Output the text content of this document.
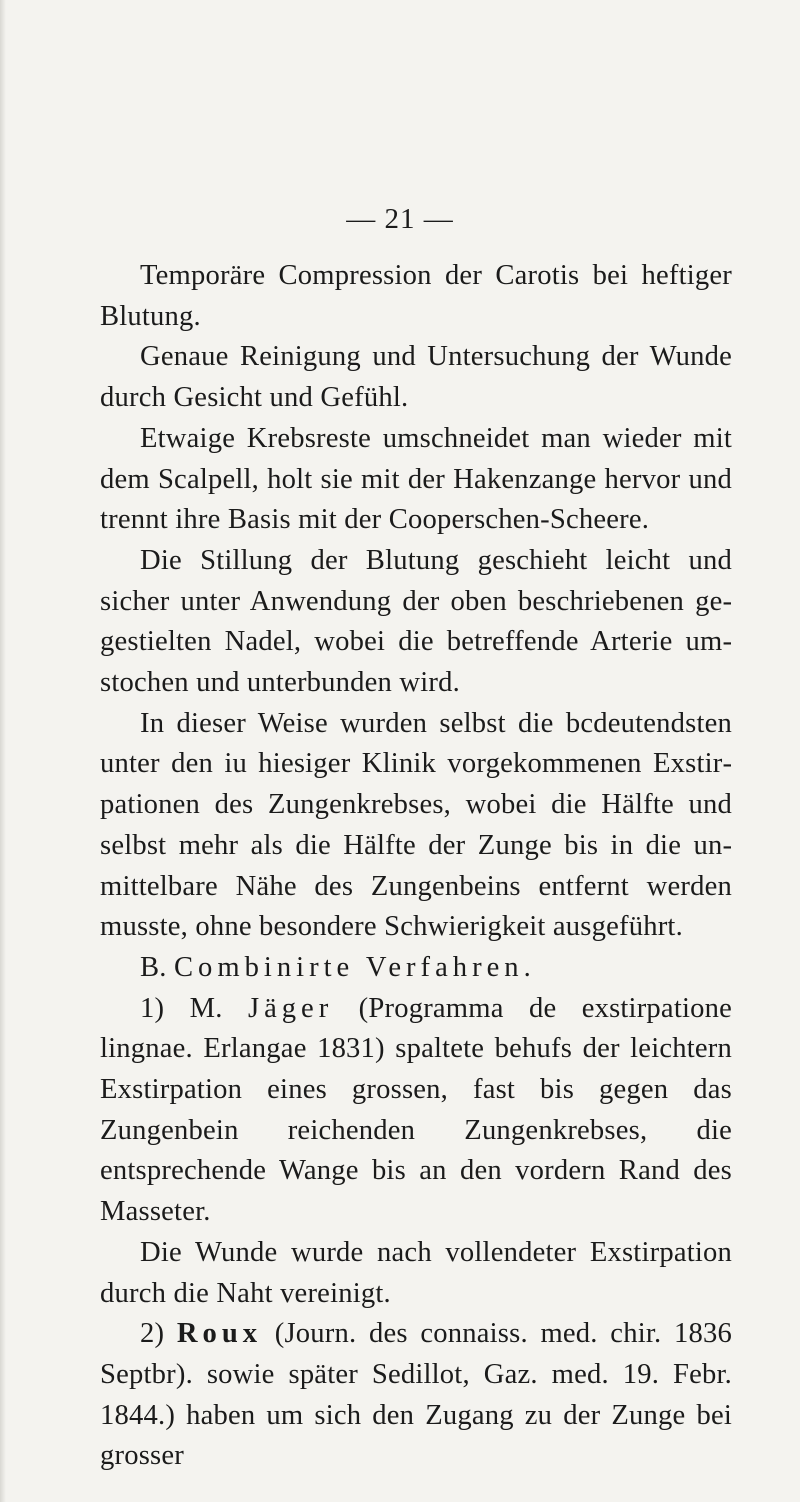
— 21 —

Temporäre Compression der Carotis bei heftiger Blutung.

Genaue Reinigung und Untersuchung der Wunde durch Gesicht und Gefühl.

Etwaige Krebsreste umschneidet man wieder mit dem Scalpell, holt sie mit der Hakenzange hervor und trennt ihre Basis mit der Cooperschen-Scheere.

Die Stillung der Blutung geschieht leicht und sicher unter Anwendung der oben beschriebenen gegestielten Nadel, wobei die betreffende Arterie umstochen und unterbunden wird.

In dieser Weise wurden selbst die bcdeutendsten unter den iu hiesiger Klinik vorgekommenen Exstirpationen des Zungenkrebses, wobei die Hälfte und selbst mehr als die Hälfte der Zunge bis in die unmittelbare Nähe des Zungenbeins entfernt werden musste, ohne besondere Schwierigkeit ausgeführt.

B. Combinirte Verfahren.

1) M. Jäger (Programma de exstirpatione lingnae. Erlangae 1831) spaltete behufs der leichtern Exstirpation eines grossen, fast bis gegen das Zungenbein reichenden Zungenkrebses, die entsprechende Wange bis an den vordern Rand des Masseter.

Die Wunde wurde nach vollendeter Exstirpation durch die Naht vereinigt.

2) Roux (Journ. des connaiss. med. chir. 1836 Septbr). sowie später Sedillot, Gaz. med. 19. Febr. 1844.) haben um sich den Zugang zu der Zunge bei grosser
